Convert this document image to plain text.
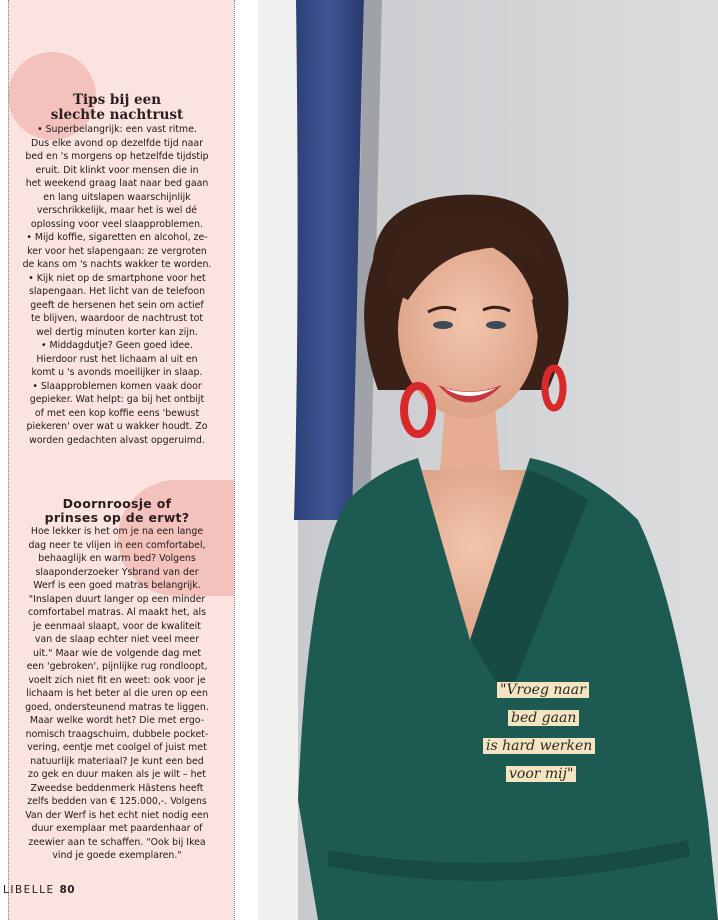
Tips bij een
slechte nachtrust
• Superbelangrijk: een vast ritme.
Dus elke avond op dezelfde tijd naar
bed en 's morgens op hetzelfde tijdstip
eruit. Dit klinkt voor mensen die in
het weekend graag laat naar bed gaan
en lang uitslapen waarschijnlijk
verschrikkelijk, maar het is wel dé
oplossing voor veel slaapproblemen.
• Mijd koffie, sigaretten en alcohol, ze-
ker voor het slapengaan: ze vergroten
de kans om 's nachts wakker te worden.
• Kijk niet op de smartphone voor het
slapengaan. Het licht van de telefoon
geeft de hersenen het sein om actief
te blijven, waardoor de nachtrust tot
wel dertig minuten korter kan zijn.
• Middagdutje? Geen goed idee.
Hierdoor rust het lichaam al uit en
komt u 's avonds moeilijker in slaap.
• Slaapproblemen komen vaak door
gepieker. Wat helpt: ga bij het ontbijt
of met een kop koffie eens 'bewust
piekeren' over wat u wakker houdt. Zo
worden gedachten alvast opgeruimd.
Doornroosje of
prinses op de erwt?
Hoe lekker is het om je na een lange
dag neer te vlijen in een comfortabel,
behaaglijk en warm bed? Volgens
slaaponderzoeker Ysbrand van der
Werf is een goed matras belangrijk.
"Inslapen duurt langer op een minder
comfortabel matras. Al maakt het, als
je eenmaal slaapt, voor de kwaliteit
van de slaap echter niet veel meer
uit." Maar wie de volgende dag met
een 'gebroken', pijnlijke rug rondloopt,
voelt zich niet fit en weet: ook voor je
lichaam is het beter al die uren op een
goed, ondersteunend matras te liggen.
Maar welke wordt het? Die met ergo-
nomisch traagschuim, dubbele pocket-
vering, eentje met coolgel of juist met
natuurlijk materiaal? Je kunt een bed
zo gek en duur maken als je wilt – het
Zweedse beddenmerk Hästens heeft
zelfs bedden van € 125.000,-. Volgens
Van der Werf is het echt niet nodig een
duur exemplaar met paardenhaar of
zeewier aan te schaffen. "Ook bij Ikea
vind je goede exemplaren."
LIBELLE 80
"Vroeg naar
bed gaan
is hard werken
voor mij"
